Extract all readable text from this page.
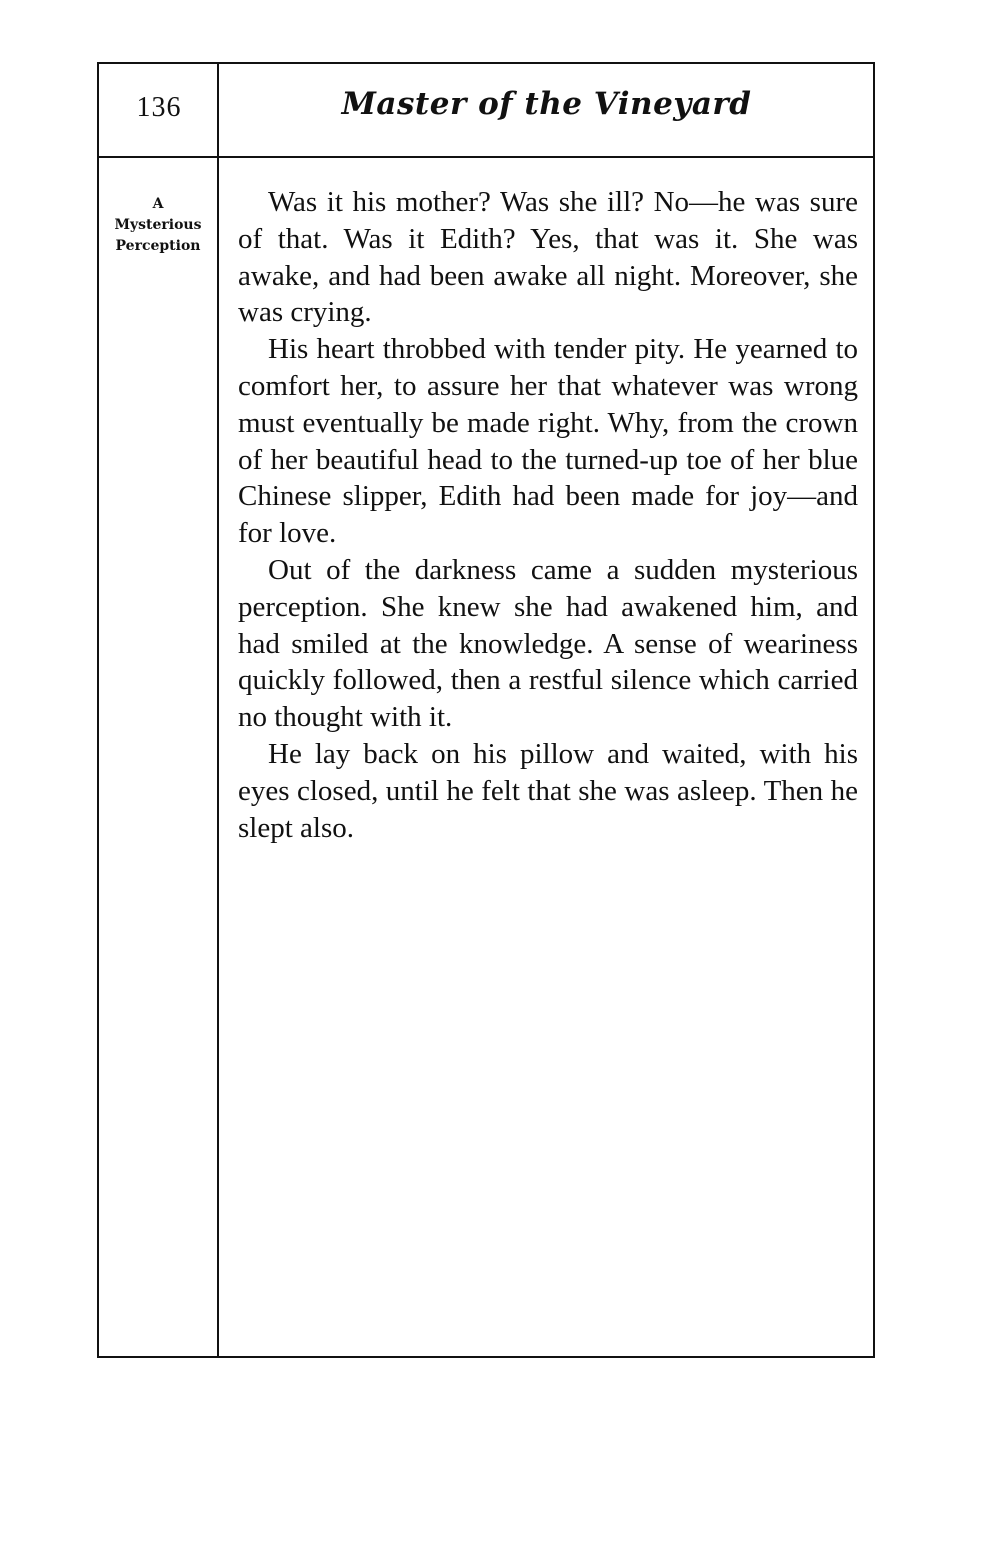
136	Master of the Vineyard
A
Mysterious
Perception

Was it his mother? Was she ill? No—he was sure of that. Was it Edith? Yes, that was it. She was awake, and had been awake all night. Moreover, she was crying.

His heart throbbed with tender pity. He yearned to comfort her, to assure her that whatever was wrong must eventually be made right. Why, from the crown of her beautiful head to the turned-up toe of her blue Chinese slipper, Edith had been made for joy—and for love.

Out of the darkness came a sudden mysterious perception. She knew she had awakened him, and had smiled at the knowledge. A sense of weariness quickly followed, then a restful silence which carried no thought with it.

He lay back on his pillow and waited, with his eyes closed, until he felt that she was asleep. Then he slept also.
